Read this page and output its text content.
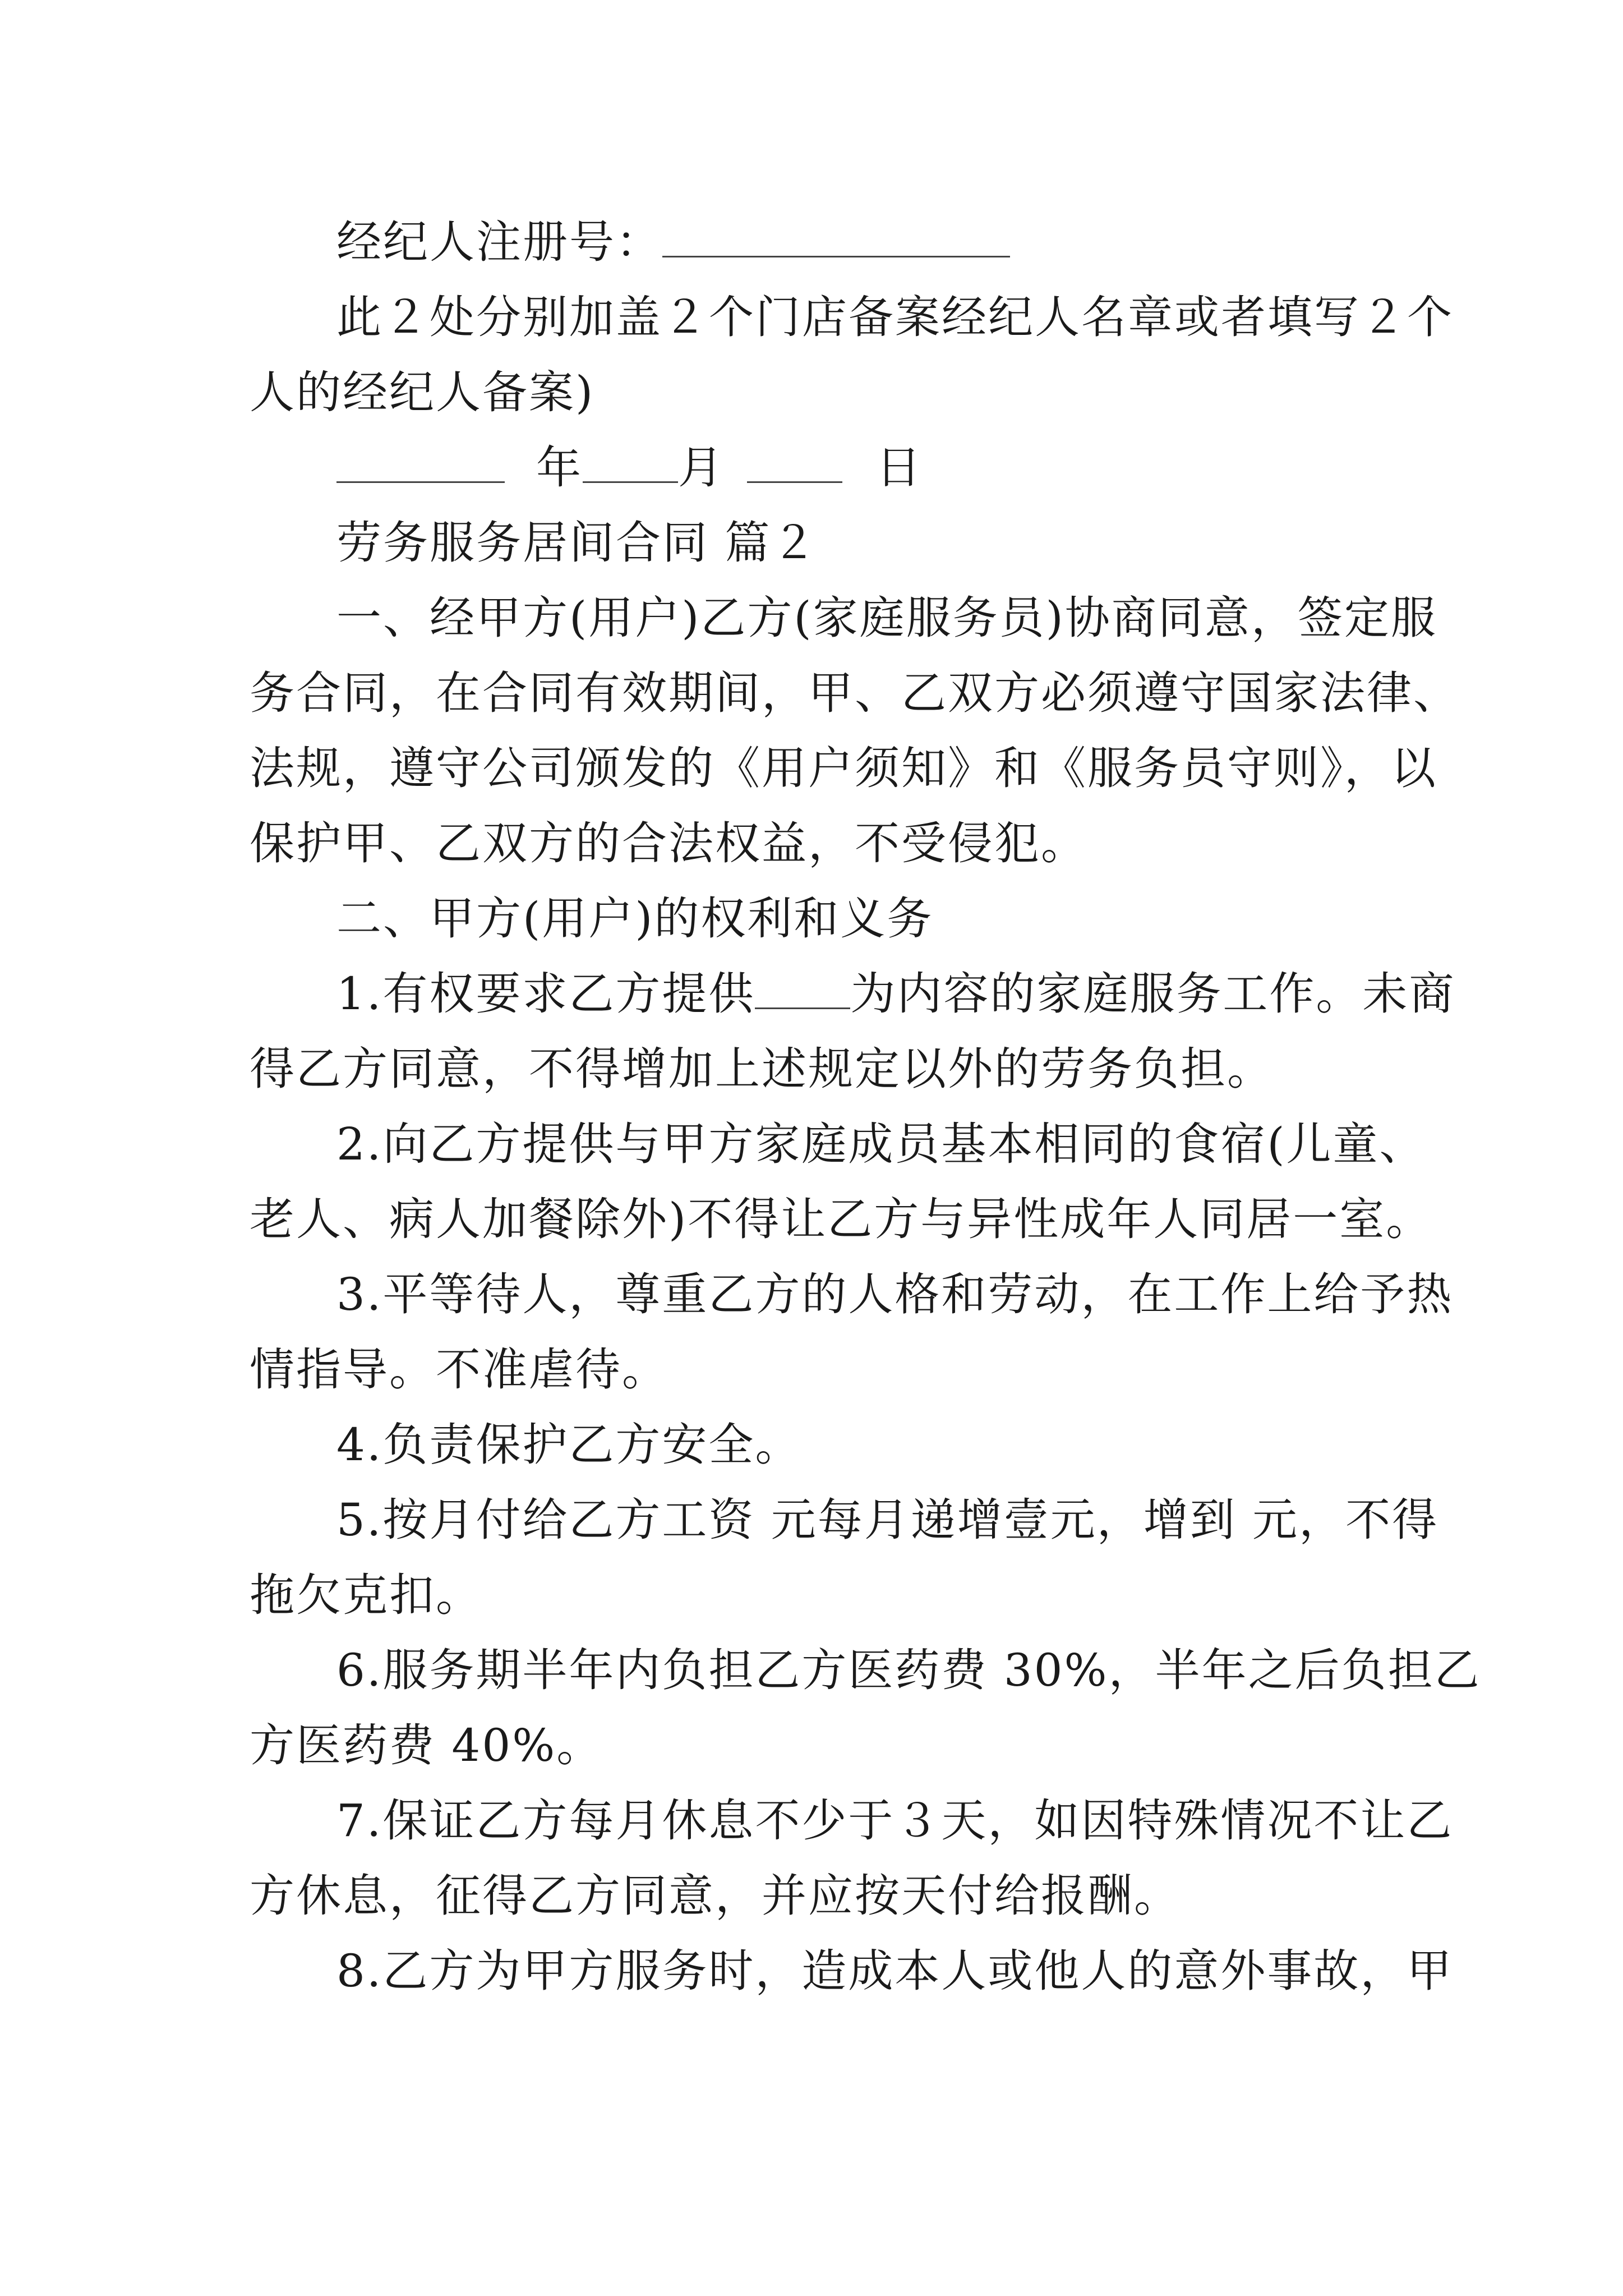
经纪人注册号：

此２处分别加盖２个门店备案经纪人名章或者填写２个

人的经纪人备案)

年 月	日

劳务服务居间合同 篇２

一、经甲方(用户)乙方(家庭服务员)协商同意，签定服

务合同，在合同有效期间，甲、乙双方必须遵守国家法律、

法规，遵守公司颁发的《用户须知》和《服务员守则》，以

保护甲、乙双方的合法权益，不受侵犯。

二、甲方(用户)的权利和义务

1.有权要求乙方提供 为内容的家庭服务工作。未商

得乙方同意，不得增加上述规定以外的劳务负担。

2.向乙方提供与甲方家庭成员基本相同的食宿(儿童、

老人、病人加餐除外)不得让乙方与异性成年人同居一室。

3.平等待人，尊重乙方的人格和劳动，在工作上给予热

情指导。不准虐待。

4.负责保护乙方安全。

5.按月付给乙方工资 元每月递增壹元，增到 元，不得

拖欠克扣。

6.服务期半年内负担乙方医药费 30%，半年之后负担乙

方医药费 40%。

7.保证乙方每月休息不少于３天，如因特殊情况不让乙

方休息，征得乙方同意，并应按天付给报酬。

8.乙方为甲方服务时，造成本人或他人的意外事故，甲
